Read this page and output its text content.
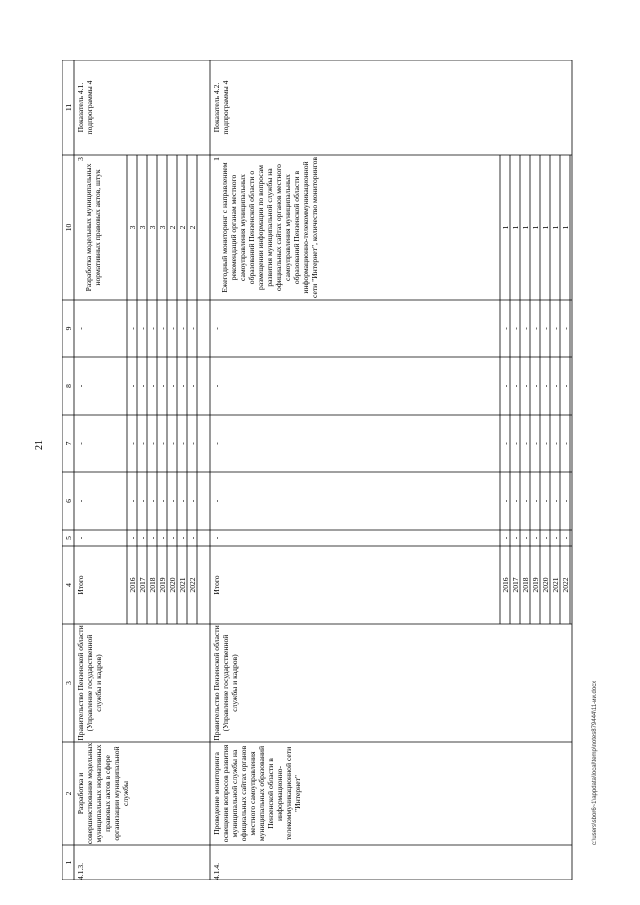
21
1
2
3
4
5
6
7
8
9
10
11
4.1.3.
Разработка и совершенствование модельных муниципальных нормативных правовых актов в сфере организации муниципальной службы
Правительство Пензенской области (Управление государственной службы и кадров)
Итого
-
-
-
-
-
3
Разработка модельных муниципальных нормативных правовых актов, штук
Показатель 4.1. подпрограммы 4
2016
-
-
-
-
-
3
2017
-
-
-
-
-
3
2018
-
-
-
-
-
3
2019
-
-
-
-
-
3
2020
-
-
-
-
-
2
2021
-
-
-
-
-
2
2022
-
-
-
-
-
2
4.1.4.
Проведение мониторинга освещения вопросов развития муниципальной службы на официальных сайтах органов местного самоуправления муниципальных образований Пензенской области в информационно-телекоммуникационной сети "Интернет"
Правительство Пензенской области (Управление государственной службы и кадров)
Итого
-
-
-
-
-
1
Ежегодный мониторинг с направлением рекомендаций органам местного самоуправления муниципальных образований Пензенской области о размещении информации по вопросам развития муниципальной службы на официальных сайтах органов местного самоуправления муниципальных образований Пензенской области в информационно-телекоммуникационной сети "Интернет", количество мониторингов
Показатель 4.2. подпрограммы 4
2016
-
-
-
-
-
1
2017
-
-
-
-
-
1
2018
-
-
-
-
-
1
2019
-
-
-
-
-
1
2020
-
-
-
-
-
1
2021
-
-
-
-
-
1
2022
-
-
-
-
-
1
c:\users\sbor6~1\appdata\local\temp\notes879444\11-ии.docx
